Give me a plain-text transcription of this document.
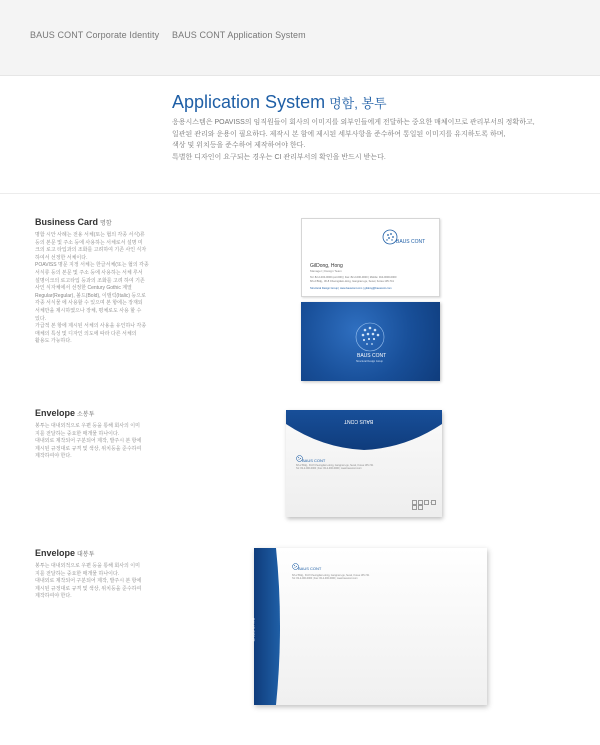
BAUS CONT Corporate Identity BAUS CONT Application System
Application System 명함, 봉투

응용시스템은 POAVISS의 임직원들이 회사의 이미지를 외부인들에게 전달하는 중요한 매체이므로 관리부서의 정확하고,

일관된 관리와 운용이 필요하다. 제작시 본 함에 제시된 세부사항을 준수하여 통일된 이미지를 유지하도록 하며,

색상 및 위치등을 준수하여 제작하여야 한다.

특별한 디자인이 요구되는 경우는 CI 관리부서의 확인을 반드시 받는다.

Business Card 명함

명함 시안 사례는 전용 서체(또는 협의 각종 서식)류

등의 본문 및 주소 등에 사용하는 서체로서 설명 미

크의 로고 타입과의 조화를 고려하여 기존 사인 식자

하여서 선정한 서체이다.

POAVISS 명문 지정 서체는 한글서체(또는 협의 각종

서식류 등의 본문 및 주소 등에 사용하는 서체 루서

설명이크의 로고타입 등과의 조화를 고려 하여 기존

사인 식자체에서 선정한 Century Gothic 계열

Regular(Regular), 볼드(Bold), 이탤릭(Italic) 등으로

각종 서식물 에 사용할 수 있으며 본 항에는 장재되

서체만을 제시하였으나 장체, 평체로도 사용 할 수

있다.

가급적 본 항에 제시된 서체의 사용을 유인하나 각종

매체의 특성 및 디자인 의도에 따라 다른 서체의

활용도 가능하다.

BAUS CONT
GilDong, Hong
Manager | Design Team
Tel: 82-2-000-0000 (ext.000) | Fax: 82-2-000-0000 | Mobile: 010-0000-0000
6th-2 Bldg., 30-8 Cheongdam-dong, Gangnam-gu, Seoul, Korea 135-741
Structural Design Group | www.bauscont.com | gildong@bauscont.com
BAUS CONT
Structural Design Group
Envelope 소봉투

봉투는 대내외적으로 우편 등을 통해 회사의 이미

지를 전달하는 중요한 매개물 하나이다.

대내외로 제작되어 구분되어 제작, 발주시 본 항에

제시된 규정대로 규격 및 색상, 위치등을 준수하여

제작하여야 한다.

BAUS CONT
BAUS CONT
6th-2 Bldg., 30-8 Cheongdam-dong, Gangnam-gu, Seoul, Korea 135-741
Tel: 82-2-000-0000 | Fax: 82-2-000-0000 | www.bauscont.com
-
Envelope 대봉투

봉투는 대내외적으로 우편 등을 통해 회사의 이미

지를 전달하는 중요한 매개물 하나이다.

대내외로 제작되어 구분되어 제작, 발주시 본 항에

제시된 규정대로 규격 및 색상, 위치등을 준수하여

제작하여야 한다.

BAUS CONT
BAUS CONT
6th-2 Bldg., 30-8 Cheongdam-dong, Gangnam-gu, Seoul, Korea 135-741
Tel: 82-2-000-0000 | Fax: 82-2-000-0000 | www.bauscont.com
